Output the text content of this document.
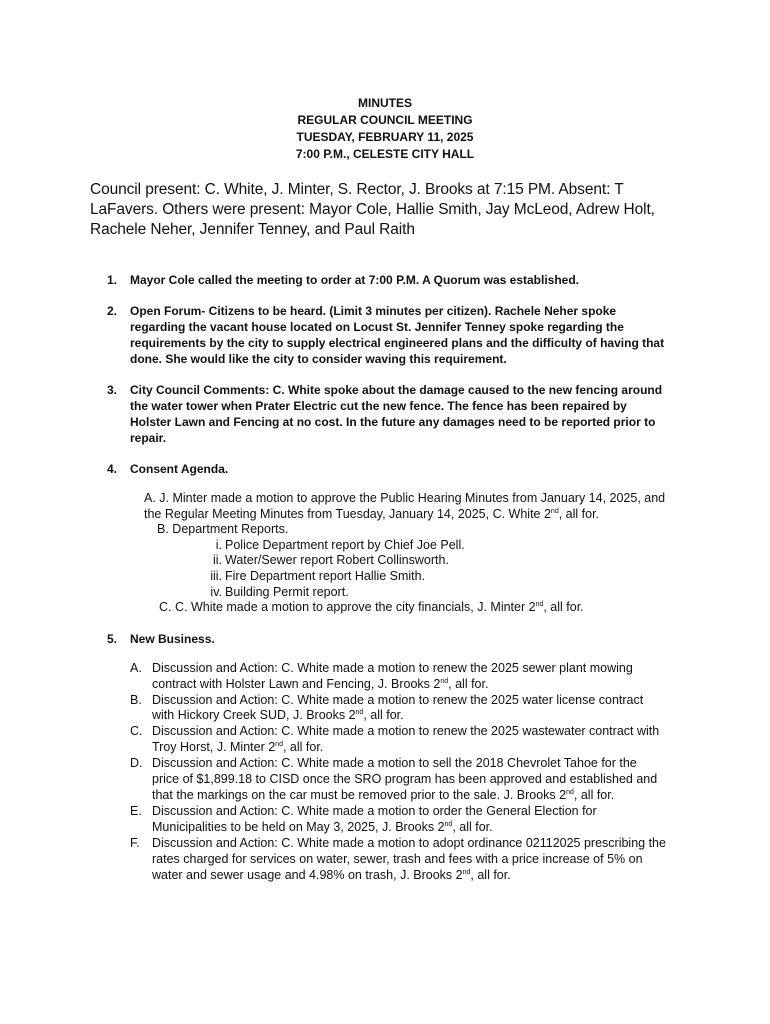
MINUTES
REGULAR COUNCIL MEETING
TUESDAY, FEBRUARY 11, 2025
7:00 P.M., CELESTE CITY HALL
Council present: C. White, J. Minter, S. Rector, J. Brooks at 7:15 PM. Absent: T LaFavers. Others were present: Mayor Cole, Hallie Smith, Jay McLeod, Adrew Holt, Rachele Neher, Jennifer Tenney, and Paul Raith
1. Mayor Cole called the meeting to order at 7:00 P.M. A Quorum was established.
2. Open Forum- Citizens to be heard. (Limit 3 minutes per citizen). Rachele Neher spoke regarding the vacant house located on Locust St. Jennifer Tenney spoke regarding the requirements by the city to supply electrical engineered plans and the difficulty of having that done. She would like the city to consider waving this requirement.
3. City Council Comments: C. White spoke about the damage caused to the new fencing around the water tower when Prater Electric cut the new fence. The fence has been repaired by Holster Lawn and Fencing at no cost. In the future any damages need to be reported prior to repair.
4. Consent Agenda.
A. J. Minter made a motion to approve the Public Hearing Minutes from January 14, 2025, and the Regular Meeting Minutes from Tuesday, January 14, 2025, C. White 2nd, all for.
B. Department Reports.
i. Police Department report by Chief Joe Pell.
ii. Water/Sewer report Robert Collinsworth.
iii. Fire Department report Hallie Smith.
iv. Building Permit report.
C. C. White made a motion to approve the city financials, J. Minter 2nd, all for.
5. New Business.
A. Discussion and Action: C. White made a motion to renew the 2025 sewer plant mowing contract with Holster Lawn and Fencing, J. Brooks 2nd, all for.
B. Discussion and Action: C. White made a motion to renew the 2025 water license contract with Hickory Creek SUD, J. Brooks 2nd, all for.
C. Discussion and Action: C. White made a motion to renew the 2025 wastewater contract with Troy Horst, J. Minter 2nd, all for.
D. Discussion and Action: C. White made a motion to sell the 2018 Chevrolet Tahoe for the price of $1,899.18 to CISD once the SRO program has been approved and established and that the markings on the car must be removed prior to the sale. J. Brooks 2nd, all for.
E. Discussion and Action: C. White made a motion to order the General Election for Municipalities to be held on May 3, 2025, J. Brooks 2nd, all for.
F. Discussion and Action: C. White made a motion to adopt ordinance 02112025 prescribing the rates charged for services on water, sewer, trash and fees with a price increase of 5% on water and sewer usage and 4.98% on trash, J. Brooks 2nd, all for.
